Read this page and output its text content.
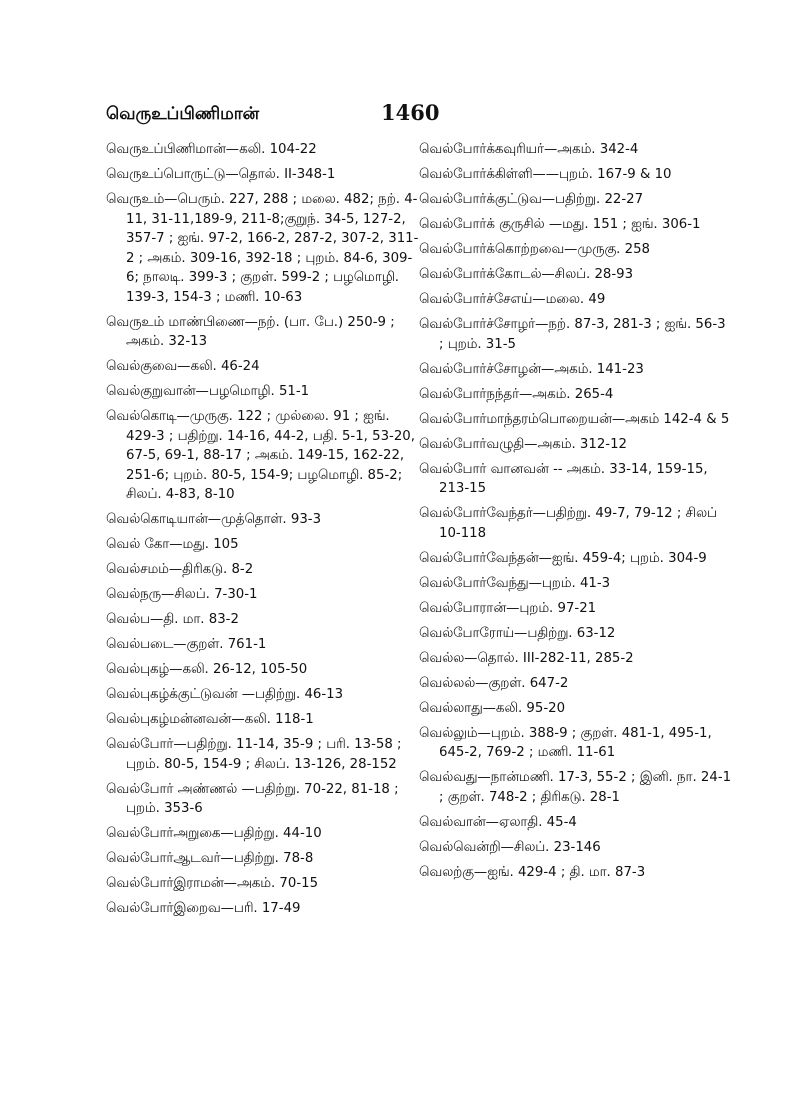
வெருஉப்பிணிமான்	1460

வெருஉப்பிணிமான்—கலி. 104-22

வெருஉப்பொருட்டு—தொல். II-348-1

வெருஉம்—பெரும். 227, 288 ; மலை. 482; நற். 4-11, 31-11,189-9, 211-8;குறுந். 34-5, 127-2, 357-7 ; ஐங். 97-2, 166-2, 287-2, 307-2, 311-2 ; அகம். 309-16, 392-18 ; புறம். 84-6, 309-6; நாலடி. 399-3 ; குறள். 599-2 ; பழமொழி. 139-3, 154-3 ; மணி. 10-63

வெருஉம் மாண்பிணை—நற். (பா. பே.) 250-9 ; அகம். 32-13

வெல்குவை—கலி. 46-24

வெல்குறுவான்—பழமொழி. 51-1

வெல்கொடி—முருகு. 122 ; முல்லை. 91 ; ஐங். 429-3 ; பதிற்று. 14-16, 44-2, பதி. 5-1, 53-20, 67-5, 69-1, 88-17 ; அகம். 149-15, 162-22, 251-6; புறம். 80-5, 154-9; பழமொழி. 85-2; சிலப். 4-83, 8-10

வெல்கொடியான்—முத்தொள். 93-3

வெல் கோ—மது. 105

வெல்சமம்—திரிகடு. 8-2

வெல்நரு—சிலப். 7-30-1

வெல்ப—தி. மா. 83-2

வெல்படை—குறள். 761-1

வெல்புகழ்—கலி. 26-12, 105-50

வெல்புகழ்க்குட்டுவன் —பதிற்று. 46-13

வெல்புகழ்மன்னவன்—கலி. 118-1

வெல்போர்—பதிற்று. 11-14, 35-9 ; பரி. 13-58 ; புறம். 80-5, 154-9 ; சிலப். 13-126, 28-152

வெல்போர் அண்ணல் —பதிற்று. 70-22, 81-18 ; புறம். 353-6

வெல்போர்அறுகை—பதிற்று. 44-10

வெல்போர்ஆடவர்—பதிற்று. 78-8

வெல்போர்இராமன்—அகம். 70-15

வெல்போர்இறைவ—பரி. 17-49

வெல்போர்க்கவுரியர்—அகம். 342-4

வெல்போர்க்கிள்ளி——புறம். 167-9 & 10

வெல்போர்க்குட்டுவ—பதிற்று. 22-27

வெல்போர்க் குருசில் —மது. 151 ; ஐங். 306-1

வெல்போர்க்கொற்றவை—முருகு. 258

வெல்போர்க்கோடல்—சிலப். 28-93

வெல்போர்ச்சேஎய்—மலை. 49

வெல்போர்ச்சோழர்—நற். 87-3, 281-3 ; ஐங். 56-3 ; புறம். 31-5

வெல்போர்ச்சோழன்—அகம். 141-23

வெல்போர்நந்தர்—அகம். 265-4

வெல்போர்மாந்தரம்பொறையன்—அகம் 142-4 & 5

வெல்போர்வழுதி—அகம். 312-12

வெல்போர் வானவன் -- அகம். 33-14, 159-15, 213-15

வெல்போர்வேந்தர்—பதிற்று. 49-7, 79-12 ; சிலப் 10-118

வெல்போர்வேந்தன்—ஐங். 459-4; புறம். 304-9

வெல்போர்வேந்து—புறம். 41-3

வெல்போரான்—புறம். 97-21

வெல்போரோய்—பதிற்று. 63-12

வெல்ல—தொல். III-282-11, 285-2

வெல்லல்—குறள். 647-2

வெல்லாது—கலி. 95-20

வெல்லும்—புறம். 388-9 ; குறள். 481-1, 495-1, 645-2, 769-2 ; மணி. 11-61

வெல்வது—நான்மணி. 17-3, 55-2 ; இனி. நா. 24-1 ; குறள். 748-2 ; திரிகடு. 28-1

வெல்வான்—ஏலாதி. 45-4

வெல்வென்றி—சிலப். 23-146

வெலற்கு—ஐங். 429-4 ; தி. மா. 87-3
